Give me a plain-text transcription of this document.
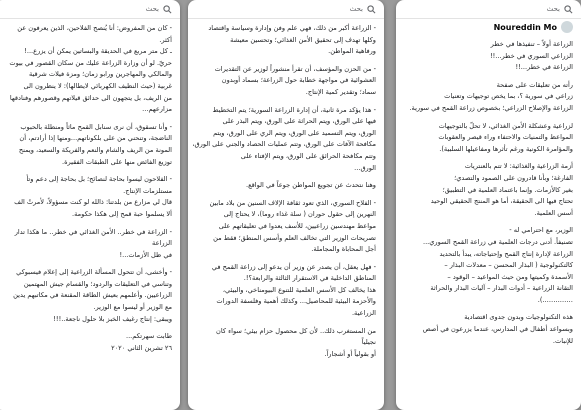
بحث
- كان من المفروض: أنا يُنصح الفلاحين، الذين يعرفون عن
أكثر.
ـ كل متر مربع في الحديقة والبساتين يمكن أن يزرع...!
حريّ. لو أن وزارة الزراعة عليك من سكان القصور في بيوت
والمالكي والمهاجرين ورابو زمان؛ ومزة فيلات شرقية
غربية (حيث النظيف الكهربائي لايطالها): لا ينظرون الى
من الريف، بل يتجهون الى حدائق قيلاتهم وقصورهم وفنادقها
مزارعهم...
- وأنا تسقوق، أن نرى سنابل القمح ماثاً ومنطلة بالحبوب
الناضجة، وتنحني من على بلكوناتهم...ومنها إذا أرادتم، أن
المونة من الريف والشام والنعم والفريكة والسعيد، ويمنح
توزيع الفائض منها على الطبقات الفقيرة.
- الفلاحون ليسوا بحاجة لنصائح؛ بل بحاجة إلى دعم وتأ
مستلزمات الإنتاج.
قال لي مزارع من بلدتنا: ذالله لو كنت مسؤولاً، لأمرتُ الف
ألا يسلموا حبة قمح إلى هكذا حكومة.
- الزراعة في خطر.. الأمن الغذائي في خطر.. ما هكذا تدار
الزراعة
في ظل الأزمات...!
- وأخشى، أن تتحول المسألة الزراعية إلى إعلام فيسبوكي
وتناسي في التعليقات والردود؛ والقسام جيش المهتمين
الزراعيين. وأعلمهم بعيش الطاقة المقنعة في مكاتبهم يدين
مع الوزير أو ليسوا مع الوزير.
ويبقى: إنتاج رغيف الخبز بلا حلول ناجعة..!!!
طابت سهرتكم...
٢٦ تشرين الثاني ٢٠٢٠
بحث
- الزراعة أكبر من ذلك، فهي علم وفن وإدارة وسياسة واقتصاد
وكلها تهدف إلى تحقيق الأمن الغذائي؛ وتحسين معيشة
ورفاهية المواطن.
- من الحزن والمؤسف، أن تقرأ منشوراً لوزير عن التقديرات
العشوائية في مواجهة خطابة حول الزراعة؛ بسماد أوبدون
سماد؛ وتقدير كمية الإنتاج.
- هذا يؤكد مرة ثانية، أن إدارة الزراعة السورية؛ يتم التخطيط
فيها على الورق، ويتم الحراثة على الورق، ويتم البذر على
الورق، ويتم التسميد على الورق، ويتم الري على الورق، ويتم
مكافحة الآفات على الورق، وتتم عمليات الحصاد والجني على الورق،
وتتم مكافحة الحرائق على الورق، ويتم الإفتاء على
الورق...
وهنا نتحدث عن تجويع المواطن جوعاً في الواقع.
- الفلاح السوري، الذي تعود ثقافة الإلاف السنين من بلاد مابين
النهرين إلى حقول حوران ( سلة غذاء روما)، لا يحتاج إلى
مواعظ مهندسين زراعيين، للأسف يعدوا في تعليقاتهم على
تصريحات الوزير التي تخالف العلم وأسس المنطق؛ فقط من
أجل المحاباة والمجاملة.
- فهل يعقل، أن يصدر عن وزير أن يدعو إلى زراعة القمح في
المناطق الداخلية في الاستقرار الثالثة والرابعة؟!.
هذا يخالف كل الأسس العلمية للتنوع البيومناخي، والبيئي،
والأحزمة البيئية للمحاصيل... وكذلك أهمية وفلسفة الدورات
الزراعية.
من المستغرب ذلك.. لأن كل محصول حزام بيئي؛ سواء كان
نجيلياً
أو بقولياً أو أشجاراً.
بحث
Noureddin Mo
الزراعة أولاً – تنفيذها في خطر
الزراعي السوري في خطر...!!
الزراعة في خطر...!!
رأته من تعليقات على صفحة
زراعي في سورية ؟، بما يخص توجيهات وتعنيات
الزراعة والإصلاح الزراعي؛ بخصوص زراعة القمح في سورية.
لزراعية وعشكلة الأمن الغذائي، لا تحلّ بالتوجيهات
المواعظ والتمنيات والاحتفاء وراء قيصر والعقوبات
والمؤامرة الكونية ورغم تأثرها ومفاعيلها السلبية).
أزمة الزراعية والغذائية: لا تتم بالعنتريات
الفارغة؛ وبأنا قادرون على الصمود والتصدي؛
بغير كالأزمات. وإنما باعتماد العلمية في التطبيق؛
تحتاج فيها الى الحقيقة، أما هو المنتج الحقيقي الوحيد
أسس العلمية.
الوزير، مع احترامي له -
تصنيفاً. أدنى درجات العلمية في زراعة القمح السوري...
الزراعة لإدارة إنتاج القمح وإحتياجاته، يبدأ بالتحديد
كالتكنولوجية ( البذار المحسن – معدلات البذار –
الأسمدة وكميتها ومن حيث المواعيد – الوقود –
التقانة الزراعية – أدوات البذار – آليات البذار والحراثة
…………..).
هذه التكنولوجيات وبدون جدوى اقتصادية
وبسواعد أطفال في المدارس، عندما يزرعون في أصص
للإنبات.
